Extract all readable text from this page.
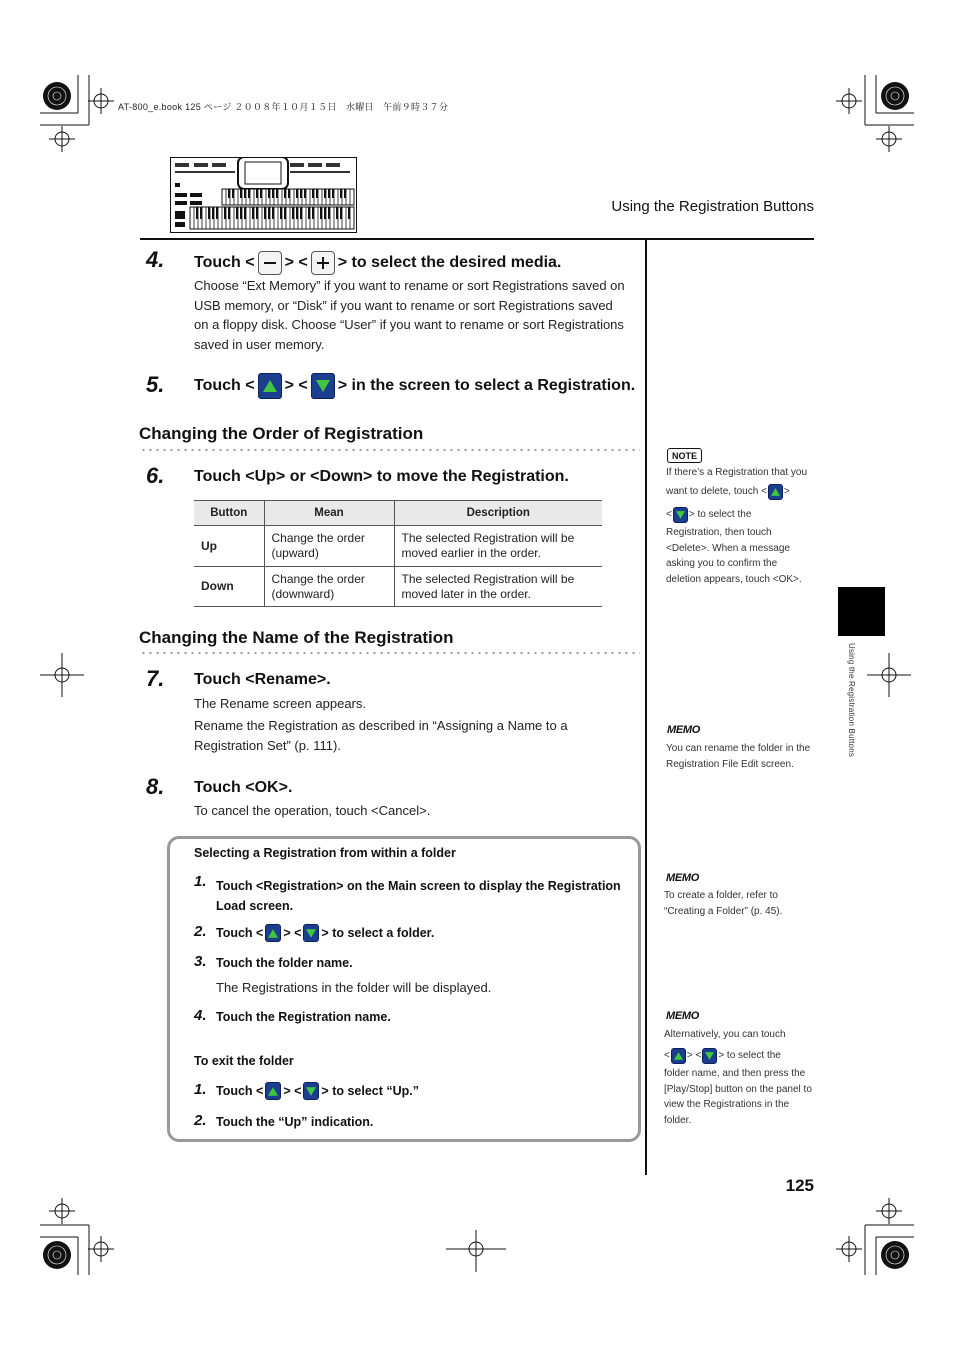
AT-800_e.book 125 ページ ２００８年１０月１５日　水曜日　午前９時３７分
Using the Registration Buttons
4. Touch < > < > to select the desired media.
Choose “Ext Memory” if you want to rename or sort Registrations saved on USB memory, or “Disk” if you want to rename or sort Registrations saved on a floppy disk. Choose “User” if you want to rename or sort Registrations saved in user memory.
5. Touch < > < > in the screen to select a Registration.
Changing the Order of Registration
6. Touch <Up> or <Down> to move the Registration.
Button	Mean	Description
Up	Change the order (upward)	The selected Registration will be moved earlier in the order.
Down	Change the order (downward)	The selected Registration will be moved later in the order.
Changing the Name of the Registration
7. Touch <Rename>.
The Rename screen appears.
Rename the Registration as described in “Assigning a Name to a Registration Set” (p. 111).
8. Touch <OK>.
To cancel the operation, touch <Cancel>.
Selecting a Registration from within a folder
1. Touch <Registration> on the Main screen to display the Registration Load screen.
2. Touch < > < > to select a folder.
3. Touch the folder name.
The Registrations in the folder will be displayed.
4. Touch the Registration name.
To exit the folder
1. Touch < > < > to select “Up.”
2. Touch the “Up” indication.
NOTE
If there’s a Registration that you
want to delete, touch < >
< > to select the
Registration, then touch <Delete>. When a message asking you to confirm the deletion appears, touch <OK>.
MEMO
You can rename the folder in the Registration File Edit screen.
MEMO
To create a folder, refer to “Creating a Folder” (p. 45).
MEMO
Alternatively, you can touch
< > < > to select the
folder name, and then press the [Play/Stop] button on the panel to view the Registrations in the folder.
Using the Registration Buttons
125
